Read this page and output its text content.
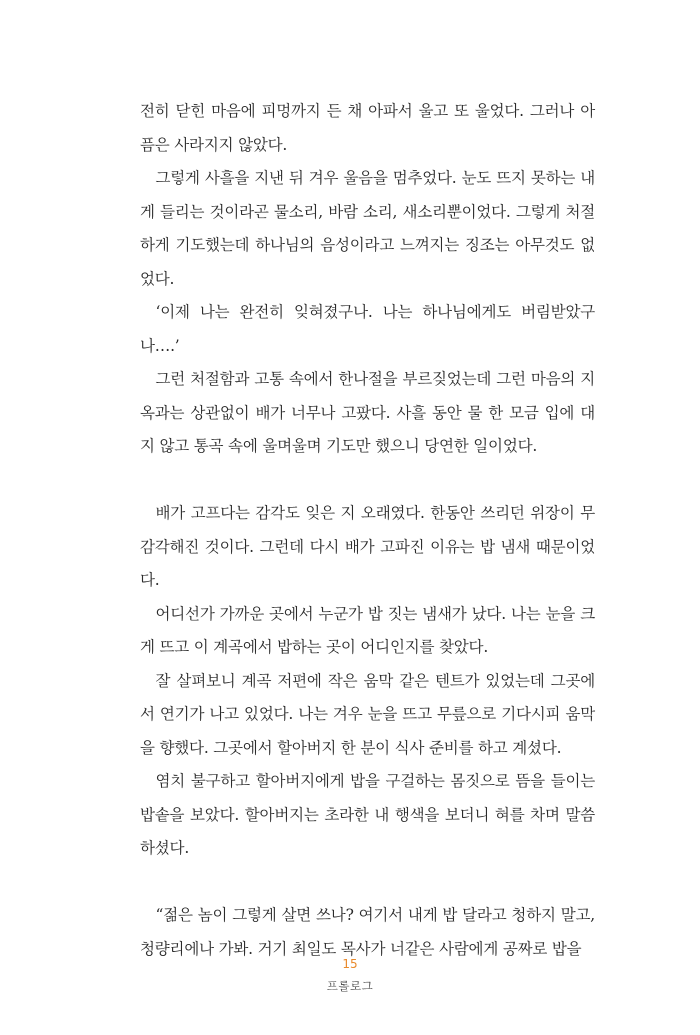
전히 닫힌 마음에 피멍까지 든 채 아파서 울고 또 울었다. 그러나 아픔은 사라지지 않았다.

그렇게 사흘을 지낸 뒤 겨우 울음을 멈추었다. 눈도 뜨지 못하는 내게 들리는 것이라곤 물소리, 바람 소리, 새소리뿐이었다. 그렇게 처절하게 기도했는데 하나님의 음성이라고 느껴지는 징조는 아무것도 없었다.

‘이제 나는 완전히 잊혀졌구나. 나는 하나님에게도 버림받았구나….’

그런 처절함과 고통 속에서 한나절을 부르짖었는데 그런 마음의 지옥과는 상관없이 배가 너무나 고팠다. 사흘 동안 물 한 모금 입에 대지 않고 통곡 속에 울며울며 기도만 했으니 당연한 일이었다.

배가 고프다는 감각도 잊은 지 오래였다. 한동안 쓰리던 위장이 무감각해진 것이다. 그런데 다시 배가 고파진 이유는 밥 냄새 때문이었다.

어디선가 가까운 곳에서 누군가 밥 짓는 냄새가 났다. 나는 눈을 크게 뜨고 이 계곡에서 밥하는 곳이 어디인지를 찾았다.

잘 살펴보니 계곡 저편에 작은 움막 같은 텐트가 있었는데 그곳에서 연기가 나고 있었다. 나는 겨우 눈을 뜨고 무릎으로 기다시피 움막을 향했다. 그곳에서 할아버지 한 분이 식사 준비를 하고 계셨다.

염치 불구하고 할아버지에게 밥을 구걸하는 몸짓으로 뜸을 들이는 밥솥을 보았다. 할아버지는 초라한 내 행색을 보더니 혀를 차며 말씀하셨다.

“젊은 놈이 그렇게 살면 쓰나? 여기서 내게 밥 달라고 청하지 말고, 청량리에나 가봐. 거기 최일도 목사가 너같은 사람에게 공짜로 밥을

15
프롤로그
